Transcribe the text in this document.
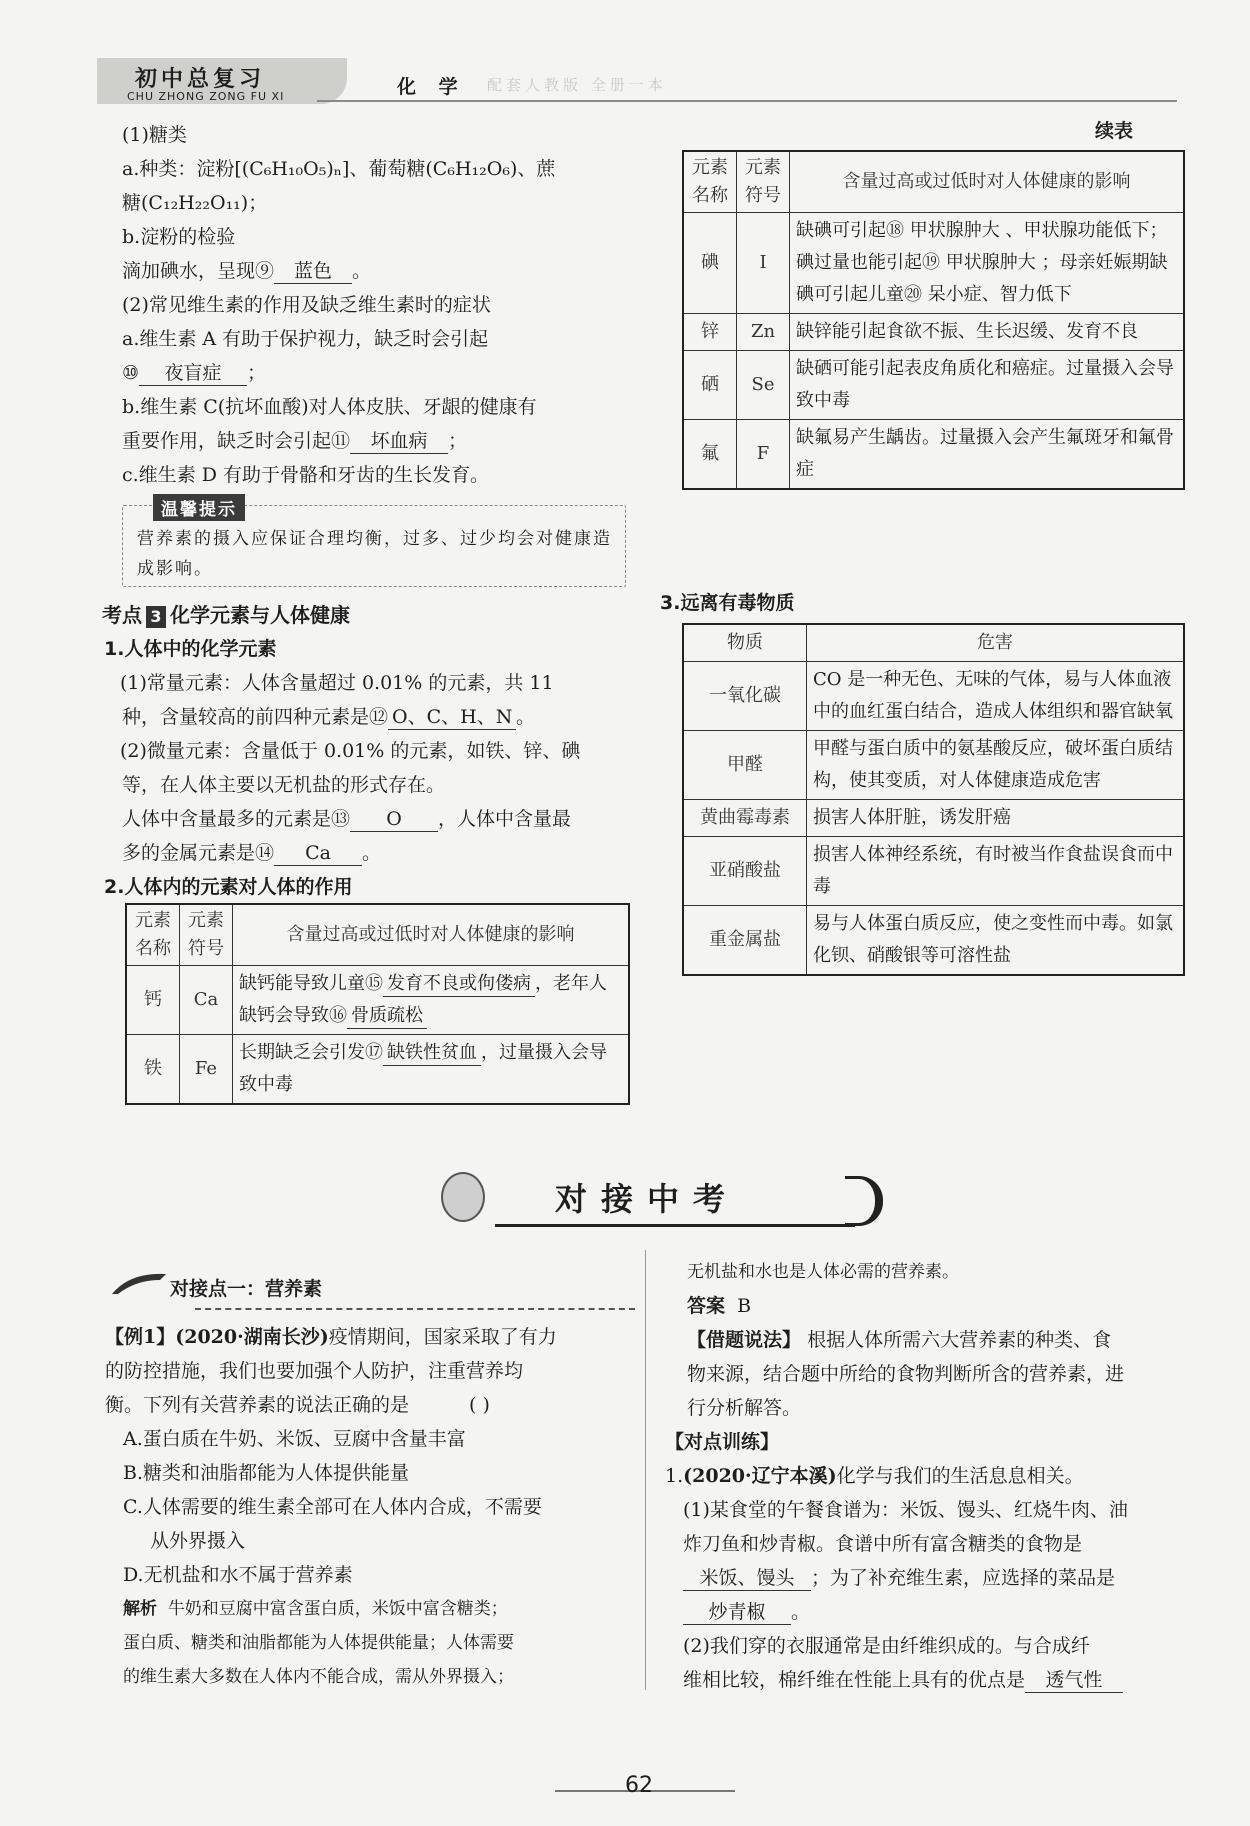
初中总复习
CHU ZHONG ZONG FU XI	化 学 配套人教版 全册一本
(1)糖类
a.种类：淀粉[(C₆H₁₀O₅)ₙ]、葡萄糖(C₆H₁₂O₆)、蔗
糖(C₁₂H₂₂O₁₁)；
b.淀粉的检验
滴加碘水，呈现⑨ 蓝色 。
(2)常见维生素的作用及缺乏维生素时的症状
a.维生素 A 有助于保护视力，缺乏时会引起
⑩ 夜盲症 ；
b.维生素 C(抗坏血酸)对人体皮肤、牙龈的健康有
重要作用，缺乏时会引起⑪ 坏血病 ；
c.维生素 D 有助于骨骼和牙齿的生长发育。
温馨提示
营养素的摄入应保证合理均衡，过多、过少均会对健康造成影响。
考点 3 化学元素与人体健康
1.人体中的化学元素
(1)常量元素：人体含量超过 0.01% 的元素，共 11
种，含量较高的前四种元素是⑫ O、C、H、N 。
(2)微量元素：含量低于 0.01% 的元素，如铁、锌、碘
等，在人体主要以无机盐的形式存在。
人体中含量最多的元素是⑬ O ，人体中含量最
多的金属元素是⑭ Ca 。
2.人体内的元素对人体的作用
元素名称	元素符号	含量过高或过低时对人体健康的影响
钙	Ca	缺钙能导致儿童⑮ 发育不良或佝偻病 ，老年人缺钙会导致⑯ 骨质疏松
铁	Fe	长期缺乏会引发⑰ 缺铁性贫血 ，过量摄入会导致中毒
续表
元素名称	元素符号	含量过高或过低时对人体健康的影响
碘	I	缺碘可引起⑱ 甲状腺肿大 、甲状腺功能低下；碘过量也能引起⑲ 甲状腺肿大 ；母亲妊娠期缺碘可引起儿童⑳ 呆小症、智力低下
锌	Zn	缺锌能引起食欲不振、生长迟缓、发育不良
硒	Se	缺硒可能引起表皮角质化和癌症。过量摄入会导致中毒
氟	F	缺氟易产生龋齿。过量摄入会产生氟斑牙和氟骨症
3.远离有毒物质
物质	危害
一氧化碳	CO 是一种无色、无味的气体，易与人体血液中的血红蛋白结合，造成人体组织和器官缺氧
甲醛	甲醛与蛋白质中的氨基酸反应，破坏蛋白质结构，使其变质，对人体健康造成危害
黄曲霉毒素	损害人体肝脏，诱发肝癌
亚硝酸盐	损害人体神经系统，有时被当作食盐误食而中毒
重金属盐	易与人体蛋白质反应，使之变性而中毒。如氯化钡、硝酸银等可溶性盐
对接中考
对接点一：营养素
【例1】(2020·湖南长沙)疫情期间，国家采取了有力
的防控措施，我们也要加强个人防护，注重营养均
衡。下列有关营养素的说法正确的是	( )
A.蛋白质在牛奶、米饭、豆腐中含量丰富
B.糖类和油脂都能为人体提供能量
C.人体需要的维生素全部可在人体内合成，不需要
从外界摄入
D.无机盐和水不属于营养素
解析 牛奶和豆腐中富含蛋白质，米饭中富含糖类；
蛋白质、糖类和油脂都能为人体提供能量；人体需要
的维生素大多数在人体内不能合成，需从外界摄入；
无机盐和水也是人体必需的营养素。
答案 B
【借题说法】 根据人体所需六大营养素的种类、食
物来源，结合题中所给的食物判断所含的营养素，进
行分析解答。
【对点训练】
1.(2020·辽宁本溪)化学与我们的生活息息相关。
(1)某食堂的午餐食谱为：米饭、馒头、红烧牛肉、油
炸刀鱼和炒青椒。食谱中所有富含糖类的食物是
米饭、馒头 ；为了补充维生素，应选择的菜品是
炒青椒 。
(2)我们穿的衣服通常是由纤维织成的。与合成纤
维相比较，棉纤维在性能上具有的优点是 透气性
62
